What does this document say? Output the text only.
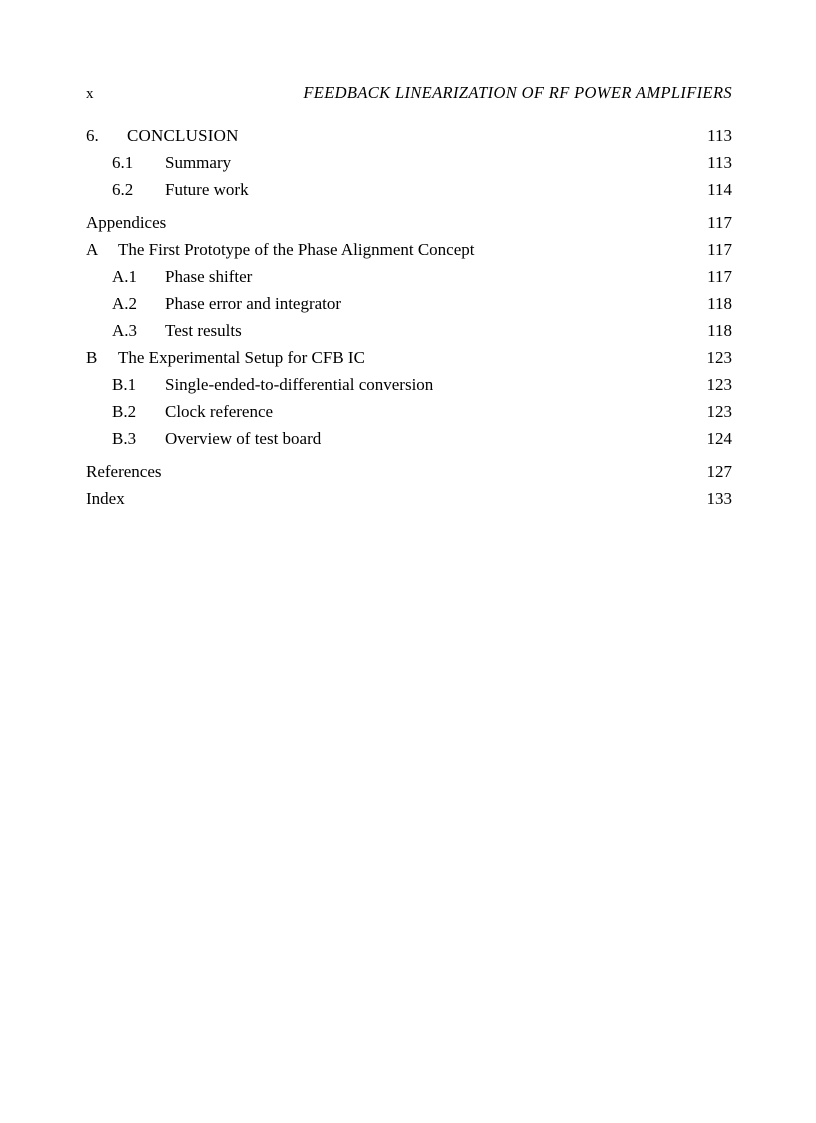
x	FEEDBACK LINEARIZATION OF RF POWER AMPLIFIERS
6. CONCLUSION	113
6.1 Summary	113
6.2 Future work	114
Appendices	117
A The First Prototype of the Phase Alignment Concept	117
A.1 Phase shifter	117
A.2 Phase error and integrator	118
A.3 Test results	118
B The Experimental Setup for CFB IC	123
B.1 Single-ended-to-differential conversion	123
B.2 Clock reference	123
B.3 Overview of test board	124
References	127
Index	133
